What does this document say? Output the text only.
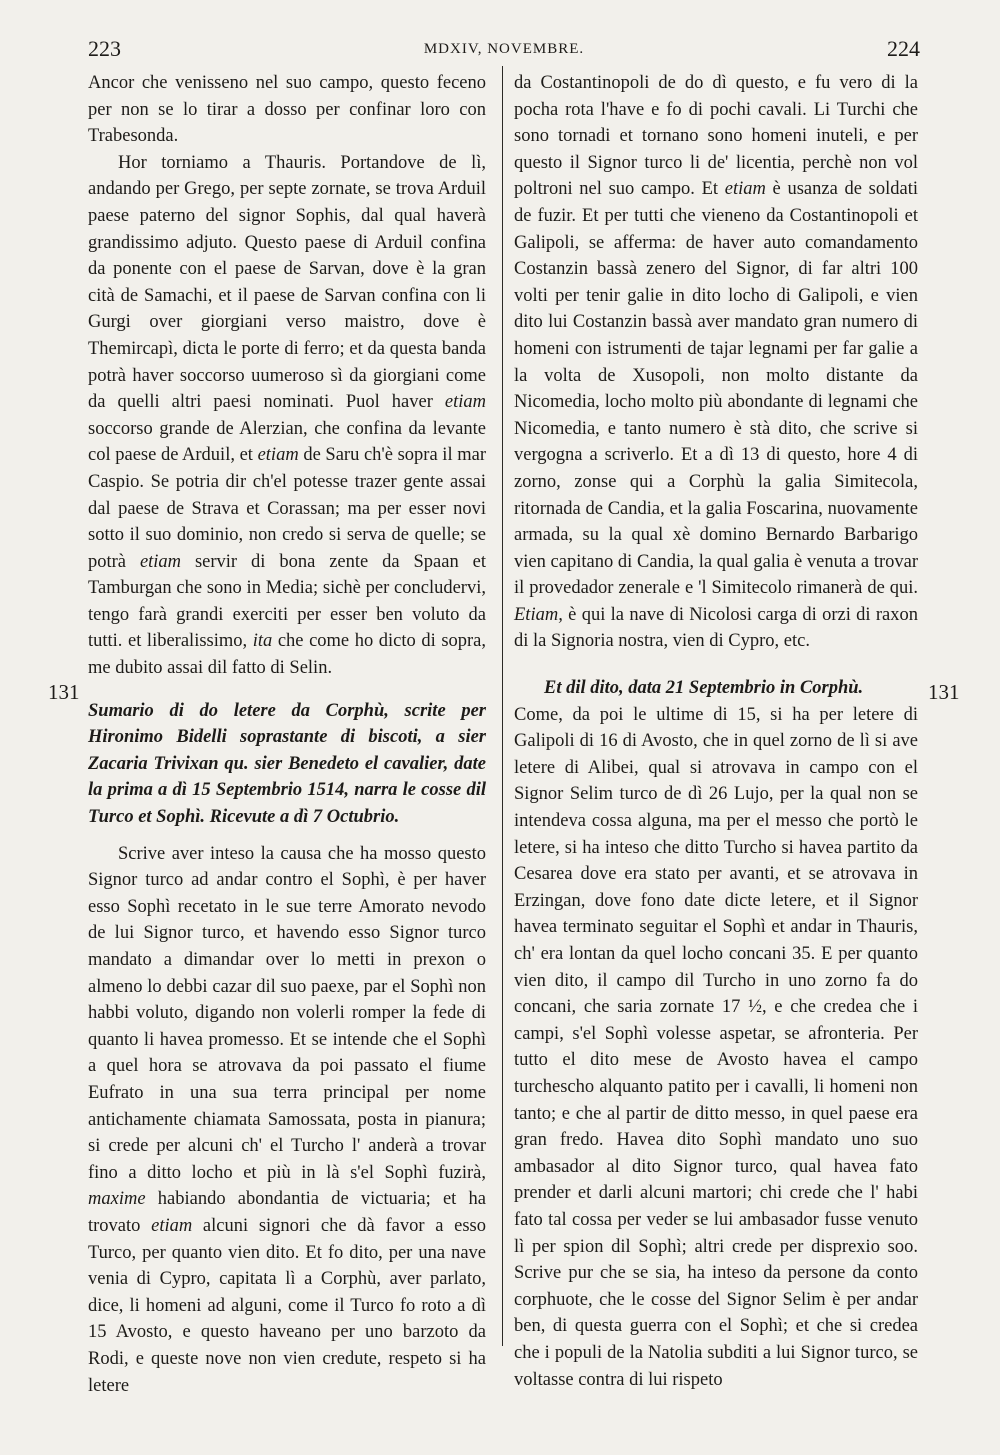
223	MDXIV, NOVEMBRE.	224
131	131

Ancor che venisseno nel suo campo, questo feceno per non se lo tirar a dosso per confinar loro con Trabesonda.

Hor torniamo a Thauris. Portandove de lì, andando per Grego, per septe zornate, se trova Arduil paese paterno del signor Sophis, dal qual haverà grandissimo adjuto. Questo paese di Arduil confina da ponente con el paese de Sarvan, dove è la gran cità de Samachi, et il paese de Sarvan confina con li Gurgi over giorgiani verso maistro, dove è Themircapì, dicta le porte di ferro; et da questa banda potrà haver soccorso uumeroso sì da giorgiani come da quelli altri paesi nominati. Puol haver etiam soccorso grande de Alerzian, che confina da levante col paese de Arduil, et etiam de Saru ch'è sopra il mar Caspio. Se potria dir ch'el potesse trazer gente assai dal paese de Strava et Corassan; ma per esser novi sotto il suo dominio, non credo si serva de quelle; se potrà etiam servir di bona zente da Spaan et Tamburgan che sono in Media; sichè per concludervi, tengo farà grandi exerciti per esser ben voluto da tutti. et liberalissimo, ita che come ho dicto di sopra, me dubito assai dil fatto di Selin.

Sumario di do letere da Corphù, scrite per Hironimo Bidelli soprastante di biscoti, a sier Zacaria Trivixan qu. sier Benedeto el cavalier, date la prima a dì 15 Septembrio 1514, narra le cosse dil Turco et Sophì. Ricevute a dì 7 Octubrio.

Scrive aver inteso la causa che ha mosso questo Signor turco ad andar contro el Sophì, è per haver esso Sophì recetato in le sue terre Amorato nevodo de lui Signor turco, et havendo esso Signor turco mandato a dimandar over lo metti in prexon o almeno lo debbi cazar dil suo paexe, par el Sophì non habbi voluto, digando non volerli romper la fede di quanto li havea promesso. Et se intende che el Sophì a quel hora se atrovava da poi passato el fiume Eufrato in una sua terra principal per nome antichamente chiamata Samossata, posta in pianura; si crede per alcuni ch' el Turcho l' anderà a trovar fino a ditto locho et più in là s'el Sophì fuzirà, maxime habiando abondantia de victuaria; et ha trovato etiam alcuni signori che dà favor a esso Turco, per quanto vien dito. Et fo dito, per una nave venia di Cypro, capitata lì a Corphù, aver parlato, dice, li homeni ad alguni, come il Turco fo roto a dì 15 Avosto, e questo haveano per uno barzoto da Rodi, e queste nove non vien credute, respeto si ha letere

da Costantinopoli de do dì questo, e fu vero di la pocha rota l'have e fo di pochi cavali. Li Turchi che sono tornadi et tornano sono homeni inuteli, e per questo il Signor turco li de' licentia, perchè non vol poltroni nel suo campo. Et etiam è usanza de soldati de fuzir. Et per tutti che vieneno da Costantinopoli et Galipoli, se afferma: de haver auto comandamento Costanzin bassà zenero del Signor, di far altri 100 volti per tenir galie in dito locho di Galipoli, e vien dito lui Costanzin bassà aver mandato gran numero di homeni con istrumenti de tajar legnami per far galie a la volta de Xusopoli, non molto distante da Nicomedia, locho molto più abondante di legnami che Nicomedia, e tanto numero è stà dito, che scrive si vergogna a scriverlo. Et a dì 13 di questo, hore 4 di zorno, zonse qui a Corphù la galia Simitecola, ritornada de Candia, et la galia Foscarina, nuovamente armada, su la qual xè domino Bernardo Barbarigo vien capitano di Candia, la qual galia è venuta a trovar il provedador zenerale e 'l Simitecolo rimanerà de qui. Etiam, è qui la nave di Nicolosi carga di orzi di raxon di la Signoria nostra, vien di Cypro, etc.

Et dil dito, data 21 Septembrio in Corphù.

Come, da poi le ultime di 15, si ha per letere di Galipoli di 16 di Avosto, che in quel zorno de lì si ave letere di Alibei, qual si atrovava in campo con el Signor Selim turco de dì 26 Lujo, per la qual non se intendeva cossa alguna, ma per el messo che portò le letere, si ha inteso che ditto Turcho si havea partito da Cesarea dove era stato per avanti, et se atrovava in Erzingan, dove fono date dicte letere, et il Signor havea terminato seguitar el Sophì et andar in Thauris, ch' era lontan da quel locho concani 35. E per quanto vien dito, il campo dil Turcho in uno zorno fa do concani, che saria zornate 17 ½, e che credea che i campi, s'el Sophì volesse aspetar, se afronteria. Per tutto el dito mese de Avosto havea el campo turchescho alquanto patito per i cavalli, li homeni non tanto; e che al partir de ditto messo, in quel paese era gran fredo. Havea dito Sophì mandato uno suo ambasador al dito Signor turco, qual havea fato prender et darli alcuni martori; chi crede che l' habi fato tal cossa per veder se lui ambasador fusse venuto lì per spion dil Sophì; altri crede per disprexio soo. Scrive pur che se sia, ha inteso da persone da conto corphuote, che le cosse del Signor Selim è per andar ben, di questa guerra con el Sophì; et che si credea che i populi de la Natolia subditi a lui Signor turco, se voltasse contra di lui rispeto
